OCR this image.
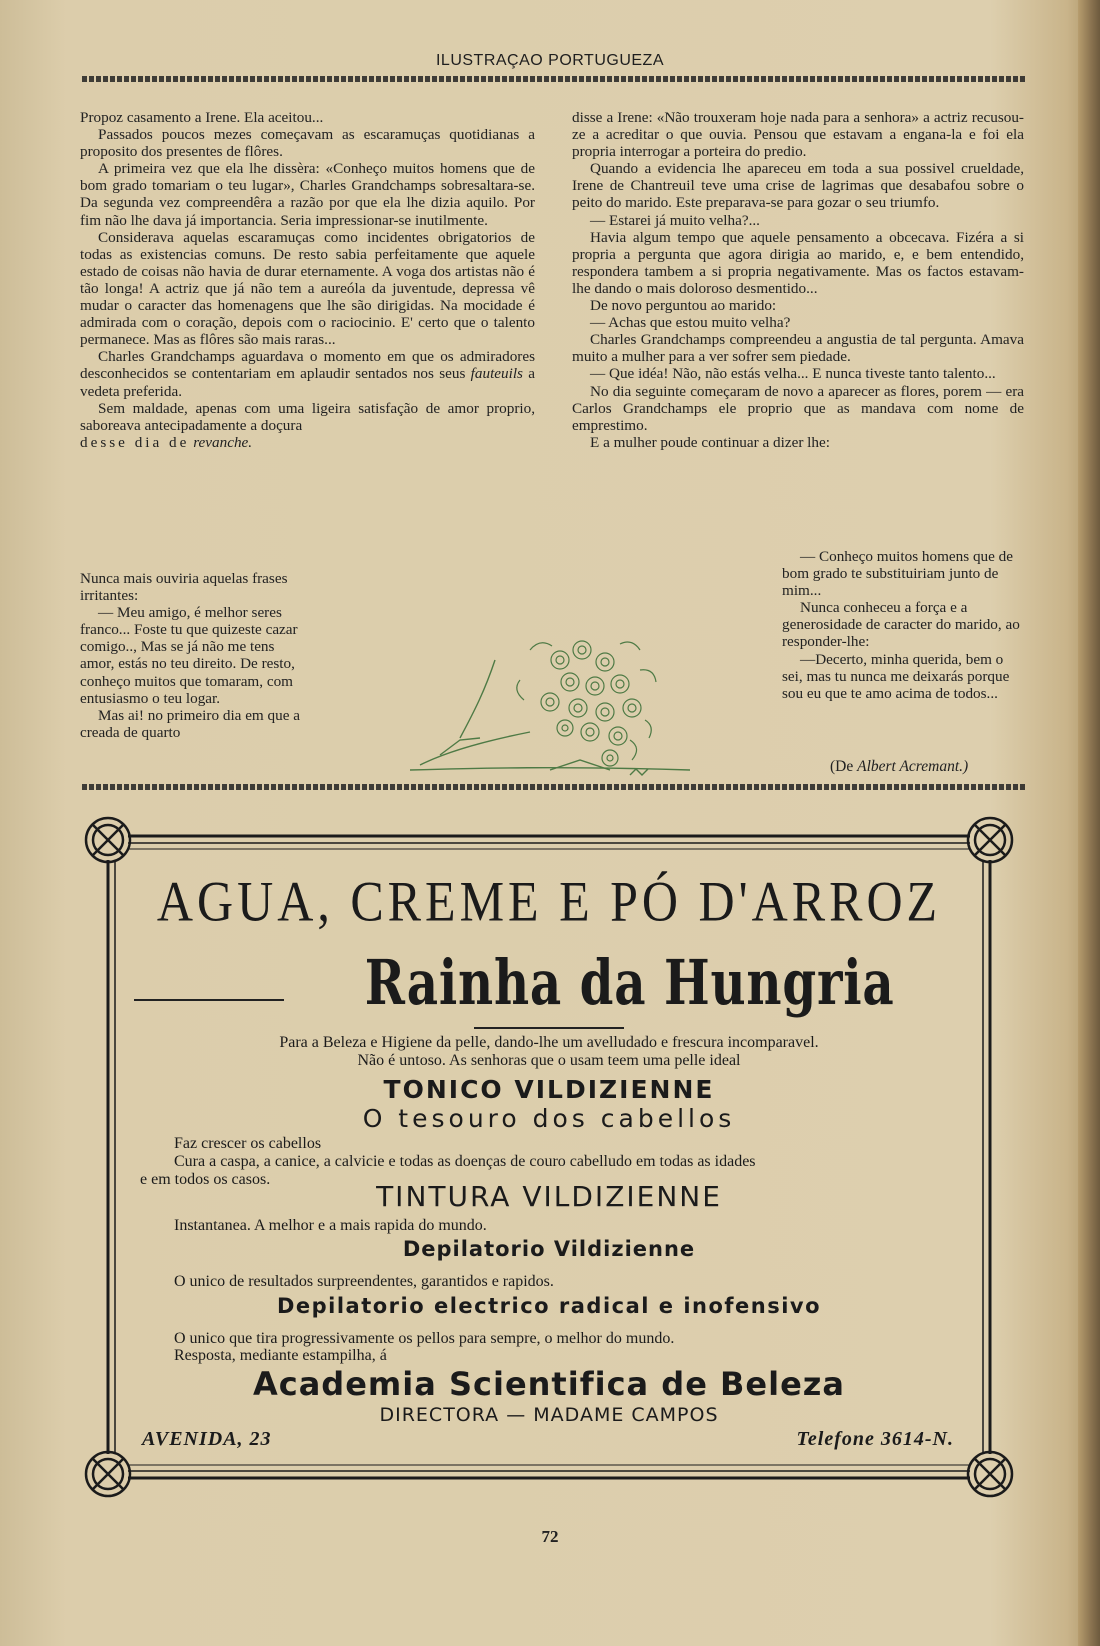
ILUSTRAÇAO PORTUGUEZA

Propoz casamento a Irene. Ela aceitou...

Passados poucos mezes começavam as escaramuças quotidianas a proposito dos presentes de flôres.

A primeira vez que ela lhe dissèra: «Conheço muitos homens que de bom grado tomariam o teu lugar», Charles Grandchamps sobresaltara-se. Da segunda vez compreendêra a razão por que ela lhe dizia aquilo. Por fim não lhe dava já importancia. Seria impressionar-se inutilmente.

Considerava aquelas escaramuças como incidentes obrigatorios de todas as existencias comuns. De resto sabia perfeitamente que aquele estado de coisas não havia de durar eternamente. A voga dos artistas não é tão longa! A actriz que já não tem a aureóla da juventude, depressa vê mudar o caracter das homenagens que lhe são dirigidas. Na mocidade é admirada com o coração, depois com o raciocinio. E' certo que o talento permanece. Mas as flôres são mais raras...

Charles Grandchamps aguardava o momento em que os admiradores desconhecidos se contentariam em aplaudir sentados nos seus fauteuils a vedeta preferida.

Sem maldade, apenas com uma ligeira satisfação de amor proprio, saboreava antecipadamente a doçura

desse dia de revanche.

Nunca mais ouviria aquelas frases irritantes:

— Meu amigo, é melhor seres franco... Foste tu que quizeste cazar comigo.., Mas se já não me tens amor, estás no teu direito. De resto, conheço muitos que tomaram, com entusiasmo o teu logar.

Mas ai! no primeiro dia em que a creada de quarto

disse a Irene: «Não trouxeram hoje nada para a senhora» a actriz recusou-ze a acreditar o que ouvia. Pensou que estavam a engana-la e foi ela propria interrogar a porteira do predio.

Quando a evidencia lhe apareceu em toda a sua possivel crueldade, Irene de Chantreuil teve uma crise de lagrimas que desabafou sobre o peito do marido. Este preparava-se para gozar o seu triumfo.

— Estarei já muito velha?...

Havia algum tempo que aquele pensamento a obcecava. Fizéra a si propria a pergunta que agora dirigia ao marido, e, e bem entendido, respondera tambem a si propria negativamente. Mas os factos estavam-lhe dando o mais doloroso desmentido...

De novo perguntou ao marido:

— Achas que estou muito velha?

Charles Grandchamps compreendeu a angustia de tal pergunta. Amava muito a mulher para a ver sofrer sem piedade.

— Que idéa! Não, não estás velha... E nunca tiveste tanto talento...

No dia seguinte começaram de novo a aparecer as flores, porem — era Carlos Grandchamps ele proprio que as mandava com nome de emprestimo.

E a mulher poude continuar a dizer lhe:

— Conheço muitos homens que de bom grado te substituiriam junto de mim...

Nunca conheceu a força e a generosidade de caracter do marido, ao responder-lhe:

—Decerto, minha querida, bem o sei, mas tu nunca me deixarás porque sou eu que te amo acima de todos...

(De Albert Acremant.)
AGUA, CREME E PÓ D'ARROZ
Rainha da Hungria
Para a Beleza e Higiene da pelle, dando-lhe um avelludado e frescura incomparavel.
Não é untoso. As senhoras que o usam teem uma pelle ideal
TONICO VILDIZIENNE
O tesouro dos cabellos
Faz crescer os cabellos
Cura a caspa, a canice, a calvicie e todas as doenças de couro cabelludo em todas as idades
e em todos os casos.
TINTURA VILDIZIENNE
Instantanea. A melhor e a mais rapida do mundo.
Depilatorio Vildizienne
O unico de resultados surpreendentes, garantidos e rapidos.
Depilatorio electrico radical e inofensivo
O unico que tira progressivamente os pellos para sempre, o melhor do mundo.
Resposta, mediante estampilha, á
Academia Scientifica de Beleza
DIRECTORA — MADAME CAMPOS
AVENIDA, 23	Telefone 3614-N.
72
